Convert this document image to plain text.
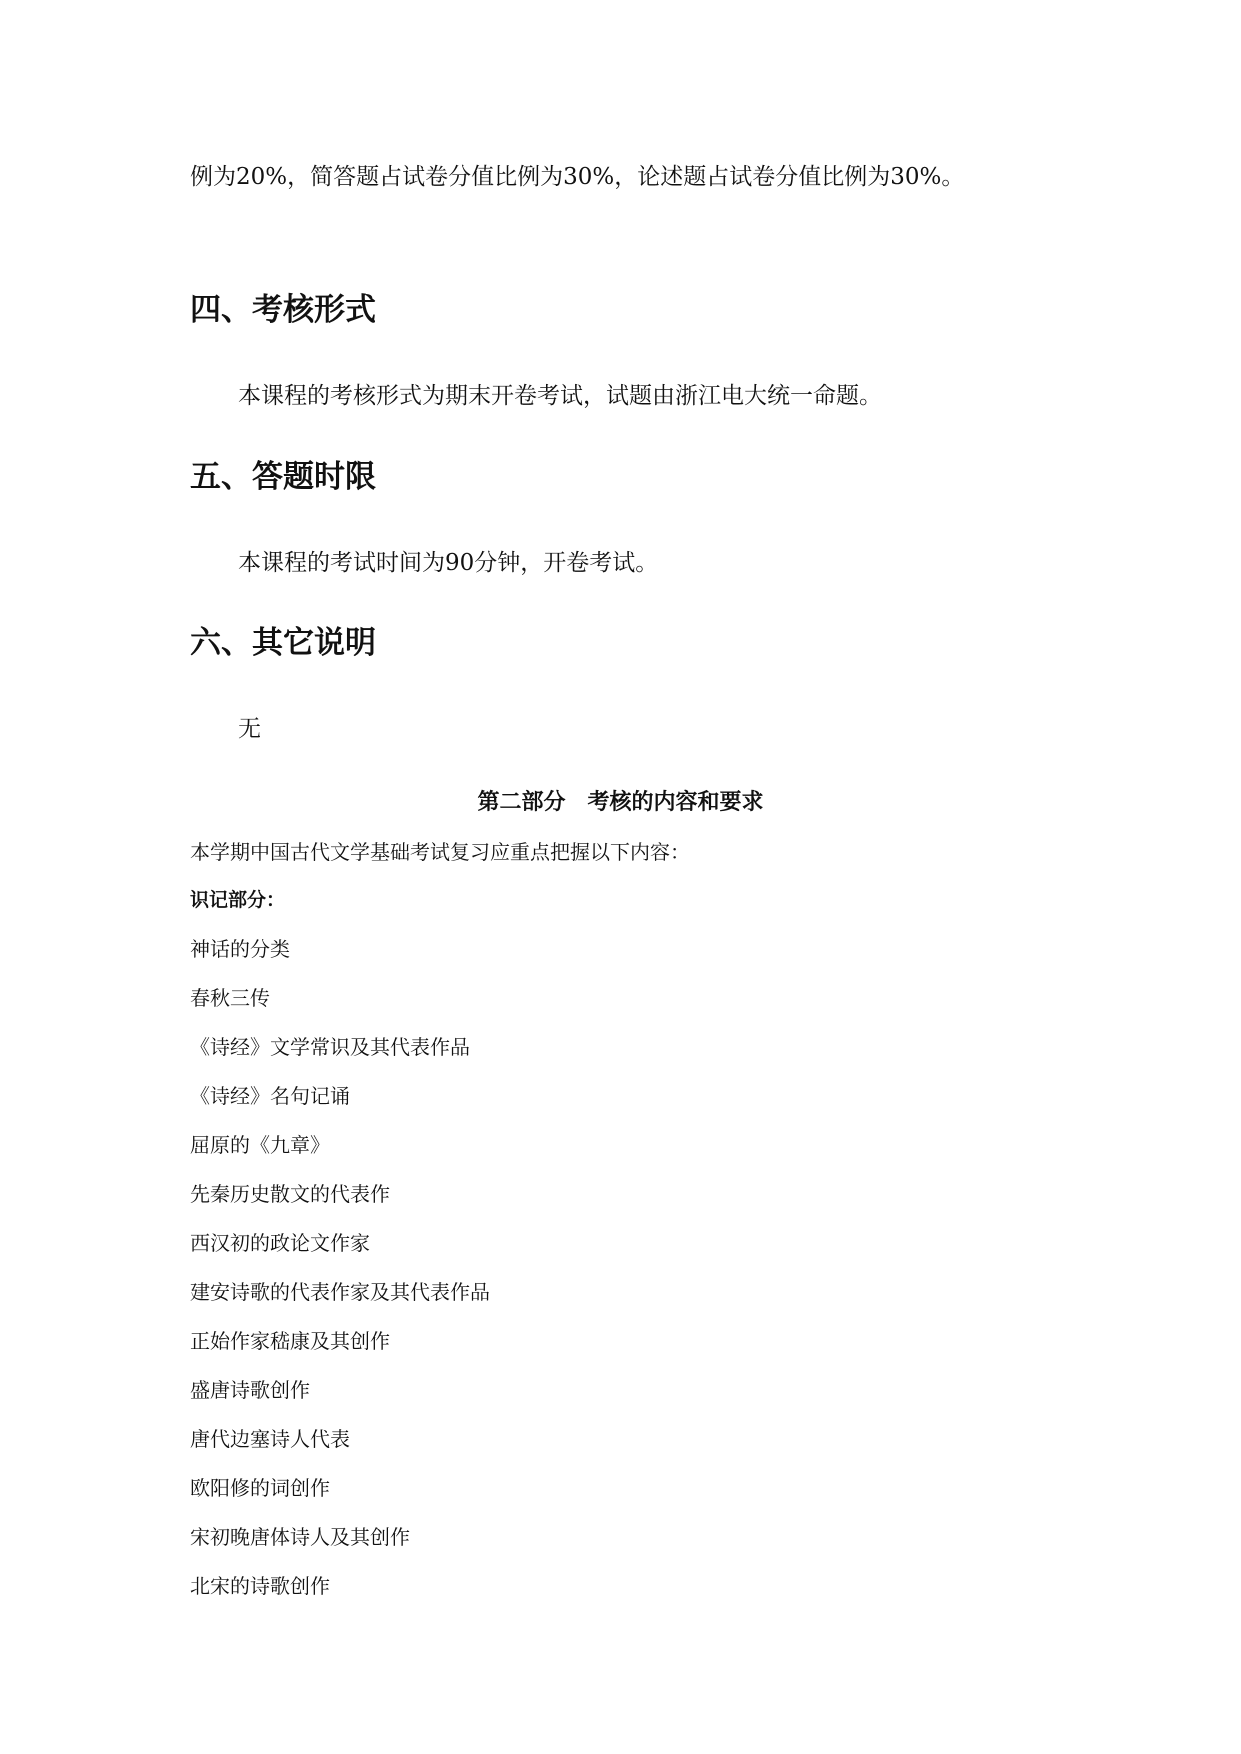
例为20%，简答题占试卷分值比例为30%，论述题占试卷分值比例为30%。
四、考核形式
本课程的考核形式为期末开卷考试，试题由浙江电大统一命题。
五、答题时限
本课程的考试时间为90分钟，开卷考试。
六、其它说明
无
第二部分　考核的内容和要求
本学期中国古代文学基础考试复习应重点把握以下内容：
识记部分：
神话的分类
春秋三传
《诗经》文学常识及其代表作品
《诗经》名句记诵
屈原的《九章》
先秦历史散文的代表作
西汉初的政论文作家
建安诗歌的代表作家及其代表作品
正始作家嵇康及其创作
盛唐诗歌创作
唐代边塞诗人代表
欧阳修的词创作
宋初晚唐体诗人及其创作
北宋的诗歌创作
